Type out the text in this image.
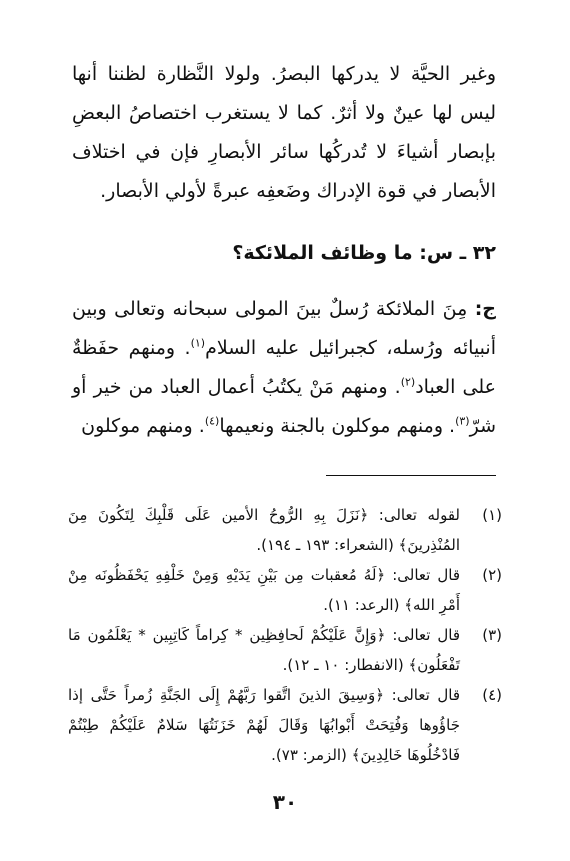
وغير الحيَّة لا يدركها البصرُ. ولولا النَّظارة لظننا أنها ليس لها عينٌ ولا أثرٌ. كما لا يستغرب اختصاصُ البعضِ بإبصار أشياءَ لا تُدركُها سائر الأبصارِ فإن في اختلاف الأبصار في قوة الإدراك وضَعفِه عبرةً لأولي الأبصار.

٣٢ ـ س: ما وظائف الملائكة؟

ج: مِنَ الملائكة رُسلٌ بينَ المولى سبحانه وتعالى وبين أنبيائه ورُسله، كجبرائيل عليه السلام$^{(١)}$. ومنهم حفَظةٌ على العباد$^{(٢)}$. ومنهم مَنْ يكتُبُ أعمال العباد من خير أو شرّ$^{(٣)}$. ومنهم موكلون بالجنة ونعيمها$^{(٤)}$. ومنهم موكلون

(١)
لقوله تعالى: ﴿نَزَلَ بِهِ الرُّوحُ الأمين عَلَى قَلْبِكَ لِتَكُونَ مِنَ المُنْذِرينَ﴾ (الشعراء: ١٩٣ ـ ١٩٤).
(٢)
قال تعالى: ﴿لَهُ مُعقبات مِن بَيْنِ يَدَيْهِ وَمِنْ خَلْفِهِ يَحْفَظُونَه مِنْ أَمْرِ الله﴾ (الرعد: ١١).
(٣)
قال تعالى: ﴿وَإِنَّ عَلَيْكُمْ لَحافِظِين * كِراماً كَاتِبِين * يَعْلَمُون مَا تَفْعَلُون﴾ (الانفطار: ١٠ ـ ١٢).
(٤)
قال تعالى: ﴿وَسِيقَ الذينَ اتَّقوا رَبَّهُمْ إِلَى الجَنَّةِ زُمراً حَتَّى إذا جَاؤُوها وَفُتِحَتْ أَبْوابُهَا وَقَالَ لَهُمْ خَزَنَتُهَا سَلامٌ عَلَيْكُمْ طِبْتُمْ فَادْخُلُوهَا خَالِدِينَ﴾ (الزمر: ٧٣).

٣٠
